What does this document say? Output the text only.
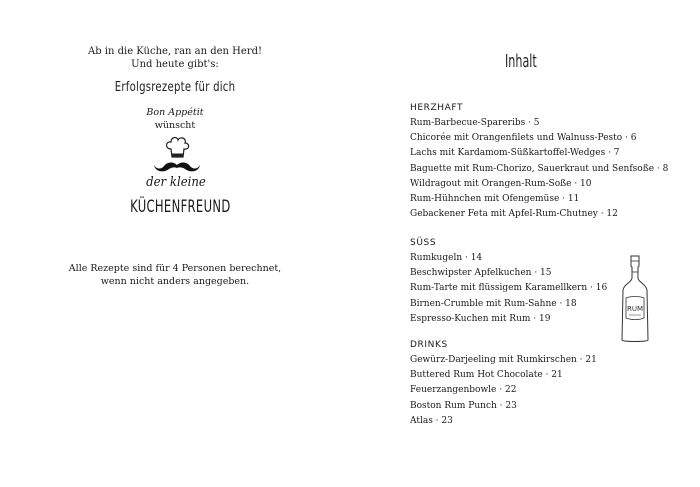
Ab in die Küche, ran an den Herd!
Und heute gibt's:
Erfolgsrezepte für dich
Bon Appétit
wünscht
der kleine
KÜCHENFREUND
Alle Rezepte sind für 4 Personen berechnet,
wenn nicht anders angegeben.
Inhalt
HERZHAFT
Rum-Barbecue-Spareribs · 5
Chicorée mit Orangenfilets und Walnuss-Pesto · 6
Lachs mit Kardamom-Süßkartoffel-Wedges · 7
Baguette mit Rum-Chorizo, Sauerkraut und Senfsoße · 8
Wildragout mit Orangen-Rum-Soße · 10
Rum-Hühnchen mit Ofengemüse · 11
Gebackener Feta mit Apfel-Rum-Chutney · 12
SÜSS
Rumkugeln · 14
Beschwipster Apfelkuchen · 15
Rum-Tarte mit flüssigem Karamellkern · 16
Birnen-Crumble mit Rum-Sahne · 18
Espresso-Kuchen mit Rum · 19
DRINKS
Gewürz-Darjeeling mit Rumkirschen · 21
Buttered Rum Hot Chocolate · 21
Feuerzangenbowle · 22
Boston Rum Punch · 23
Atlas · 23
RUM
